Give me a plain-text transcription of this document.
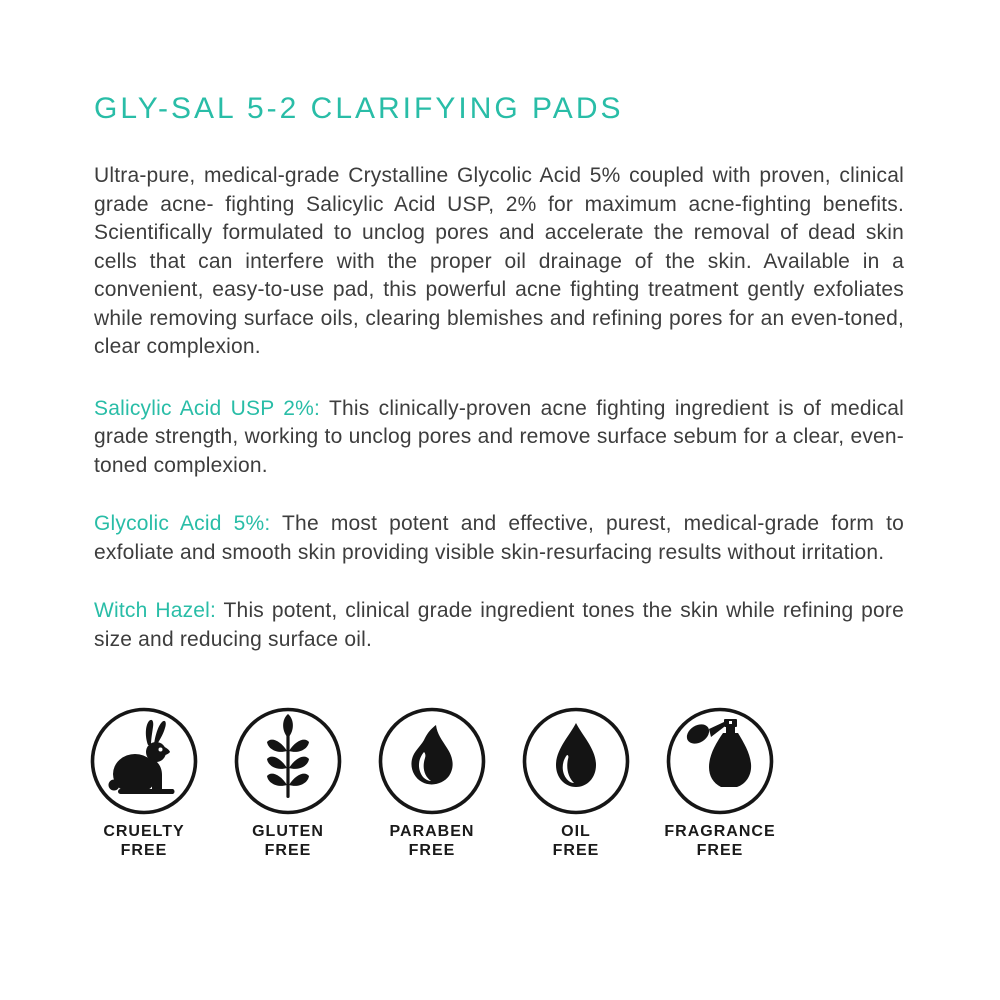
GLY-SAL 5-2 CLARIFYING PADS

Ultra-pure, medical-grade Crystalline Glycolic Acid 5% coupled with proven, clinical grade acne- fighting Salicylic Acid USP, 2% for maximum acne-fighting benefits. Scientifically formulated to unclog pores and accelerate the removal of dead skin cells that can interfere with the proper oil drainage of the skin. Available in a convenient, easy-to-use pad, this powerful acne fighting treatment gently exfoliates while removing surface oils, clearing blemishes and refining pores for an even-toned, clear complexion.

Salicylic Acid USP 2%: This clinically-proven acne fighting ingredient is of medical grade strength, working to unclog pores and remove surface sebum for a clear, even-toned complexion.

Glycolic Acid 5%: The most potent and effective, purest, medical-grade form to exfoliate and smooth skin providing visible skin-resurfacing results without irritation.

Witch Hazel: This potent, clinical grade ingredient tones the skin while refining pore size and reducing surface oil.

CRUELTY
FREE
GLUTEN
FREE
PARABEN
FREE
OIL
FREE
FRAGRANCE
FREE
